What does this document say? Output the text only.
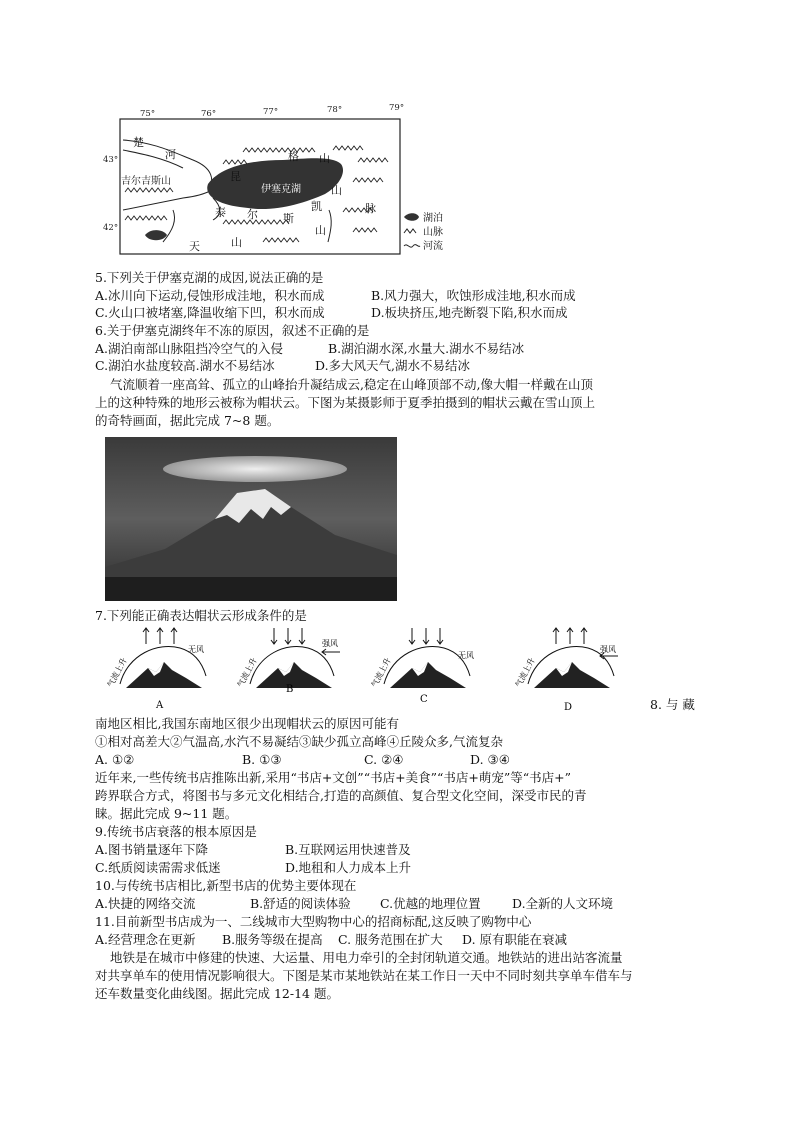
75°	76°	77°	78°	79°
43°
42°
楚
河
吉尔吉斯山	昆
伊塞克湖
格 山
山
泰 尔 斯
凯
山
脉
天	山
湖泊
山脉
河流
5.下列关于伊塞克湖的成因,说法正确的是
A.冰川向下运动,侵蚀形成洼地，积水而成	B.风力强大，吹蚀形成洼地,积水而成
C.火山口被堵塞,降温收缩下凹，积水而成	D.板块挤压,地壳断裂下陷,积水而成
6.关于伊塞克湖终年不冻的原因，叙述不正确的是
A.湖泊南部山脉阻挡冷空气的入侵	B.湖泊湖水深,水量大.湖水不易结冰
C.湖泊水盐度较高.湖水不易结冰	D.多大风天气,湖水不易结冰
气流顺着一座高耸、孤立的山峰抬升凝结成云,稳定在山峰顶部不动,像大帽一样戴在山顶
上的这种特殊的地形云被称为帽状云。下图为某摄影师于夏季拍摄到的帽状云戴在雪山顶上
的奇特画面，据此完成 7~8 题。
7.下列能正确表达帽状云形成条件的是
气流上升
无风
A
气流上升
强风
B
气流上升
无风
C
气流上升
强风
D	8. 与 藏
南地区相比,我国东南地区很少出现帽状云的原因可能有
①相对高差大②气温高,水汽不易凝结③缺少孤立高峰④丘陵众多,气流复杂
A. ①②	B. ①③	C. ②④	D. ③④
近年来,一些传统书店推陈出新,采用“书店+文创”“书店+美食”“书店+萌宠”等“书店+”
跨界联合方式，将图书与多元文化相结合,打造的高颜值、复合型文化空间，深受市民的青
睐。据此完成 9~11 题。
9.传统书店衰落的根本原因是
A.图书销量逐年下降	B.互联网运用快速普及
C.纸质阅读需需求低迷	D.地租和人力成本上升
10.与传统书店相比,新型书店的优势主要体现在
A.快捷的网络交流	B.舒适的阅读体验 C.优越的地理位置	D.全新的人文环境
11.目前新型书店成为一、二线城市大型购物中心的招商标配,这反映了购物中心
A.经营理念在更新 B.服务等级在提高 C. 服务范围在扩大 D. 原有职能在衰减
地铁是在城市中修建的快速、大运量、用电力牵引的全封闭轨道交通。地铁站的进出站客流量
对共享单车的使用情况影响很大。下图是某市某地铁站在某工作日一天中不同时刻共享单车借车与
还车数量变化曲线图。据此完成 12-14 题。
